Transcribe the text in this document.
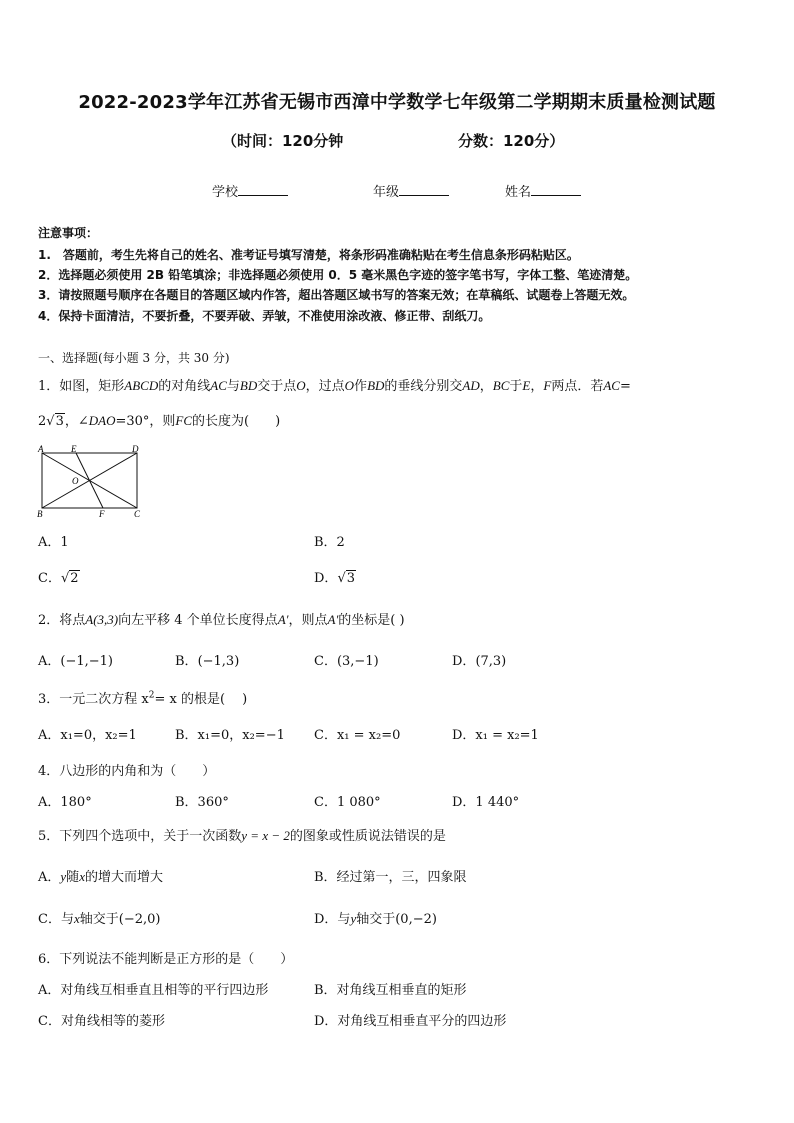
2022-2023学年江苏省无锡市西漳中学数学七年级第二学期期末质量检测试题
（时间：120分钟	分数：120分）
学校	年级	姓名
注意事项：
1.　答题前，考生先将自己的姓名、准考证号填写清楚，将条形码准确粘贴在考生信息条形码粘贴区。
2．选择题必须使用 2B 铅笔填涂；非选择题必须使用 0．5 毫米黑色字迹的签字笔书写，字体工整、笔迹清楚。
3．请按照题号顺序在各题目的答题区域内作答，超出答题区域书写的答案无效；在草稿纸、试题卷上答题无效。
4．保持卡面清洁，不要折叠，不要弄破、弄皱，不准使用涂改液、修正带、刮纸刀。
一、选择题(每小题 3 分，共 30 分)
1．如图，矩形ABCD的对角线AC与BD交于点O，过点O作BD的垂线分别交AD，BC于E，F两点．若AC=
2√3，∠DAO=30°，则FC的长度为(　　)
A	E	D
O
B	F	C
A．1	B．2
C．√2	D．√3
2．将点A(3,3)向左平移 4 个单位长度得点A′，则点A′的坐标是( )
A．(−1,−1)	B．(−1,3)	C．(3,−1)	D．(7,3)
3．一元二次方程 $x^2= x$ 的根是(　 )
A．x₁=0，x₂=1	B．x₁=0，x₂=−1 C．x₁ = x₂=0	D．x₁ = x₂=1
4．八边形的内角和为（　　）
A．180°	B．360°	C．1 080°	D．1 440°
5．下列四个选项中，关于一次函数y = x − 2的图象或性质说法错误的是
A．y随x的增大而增大	B．经过第一，三，四象限
C．与x轴交于(−2,0)	D．与y轴交于(0,−2)
6．下列说法不能判断是正方形的是（　　）
A．对角线互相垂直且相等的平行四边形	B．对角线互相垂直的矩形
C．对角线相等的菱形	D．对角线互相垂直平分的四边形
